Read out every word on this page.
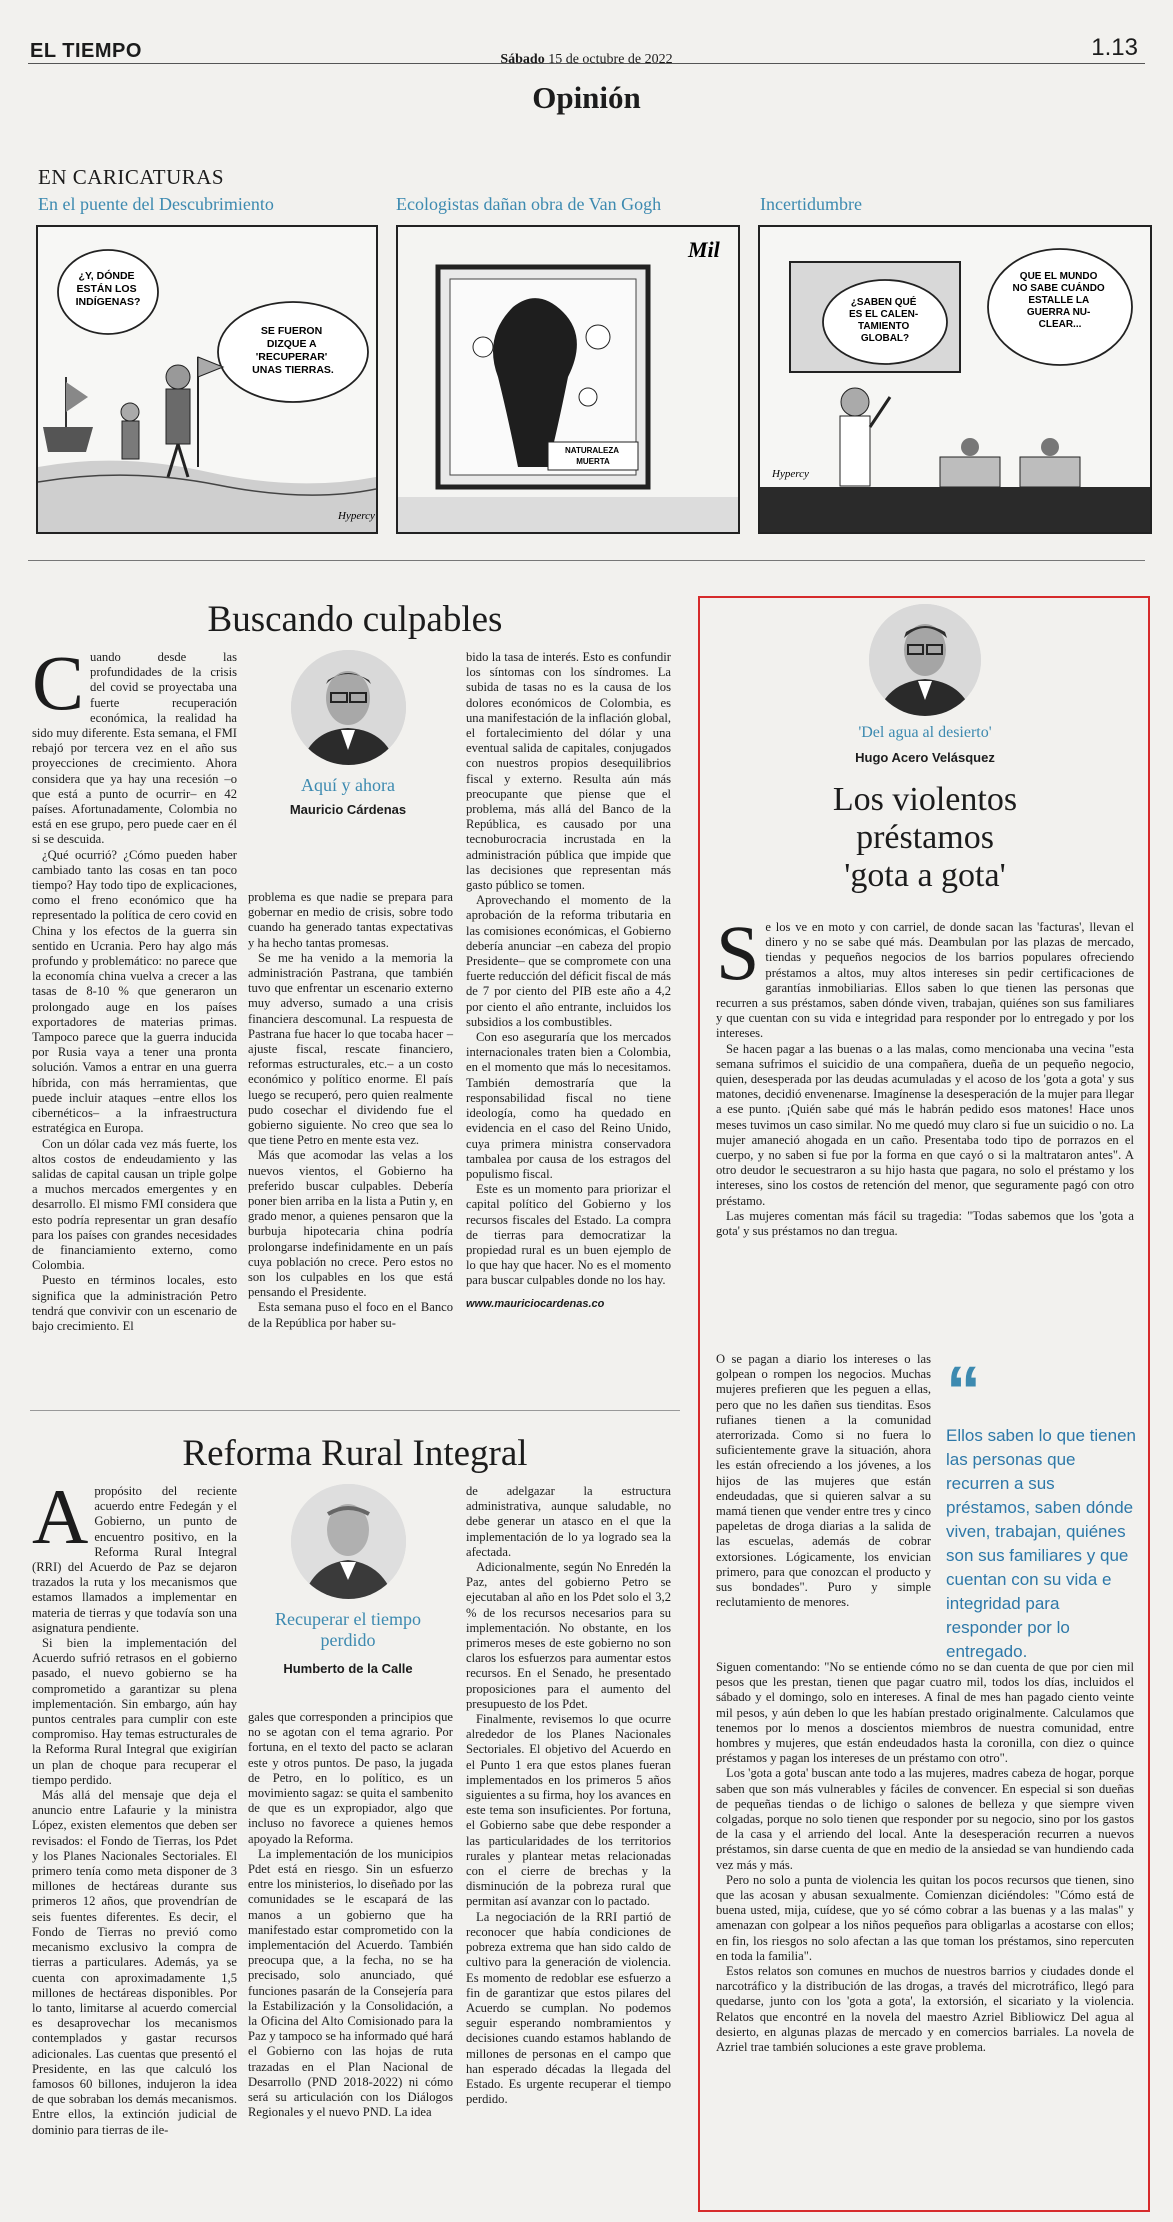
EL TIEMPO	Sábado 15 de octubre de 2022	1.13
Opinión
EN CARICATURAS
En el puente del Descubrimiento	Ecologistas dañan obra de Van Gogh	Incertidumbre
¿Y, DÓNDE ESTÁN LOS INDÍGENAS?
SE FUERON DIZQUE A 'RECUPERAR' UNAS TIERRAS.
Hypercy
NATURALEZA MUERTA
Mil
¿SABEN QUÉ ES EL CALEN- TAMIENTO GLOBAL?
QUE EL MUNDO NO SABE CUÁNDO ESTALLE LA GUERRA NU- CLEAR...
Hypercy
Buscando culpables

Cuando desde las profundidades de la crisis del covid se proyectaba una fuerte recuperación económica, la realidad ha sido muy diferente. Esta semana, el FMI rebajó por tercera vez en el año sus proyecciones de crecimiento. Ahora considera que ya hay una recesión –o que está a punto de ocurrir– en 42 países. Afortunadamente, Colombia no está en ese grupo, pero puede caer en él si se descuida.

¿Qué ocurrió? ¿Cómo pueden haber cambiado tanto las cosas en tan poco tiempo? Hay todo tipo de explicaciones, como el freno económico que ha representado la política de cero covid en China y los efectos de la guerra sin sentido en Ucrania. Pero hay algo más profundo y problemático: no parece que la economía china vuelva a crecer a las tasas de 8-10 % que generaron un prolongado auge en los países exportadores de materias primas. Tampoco parece que la guerra inducida por Rusia vaya a tener una pronta solución. Vamos a entrar en una guerra híbrida, con más herramientas, que puede incluir ataques –entre ellos los cibernéticos– a la infraestructura estratégica en Europa.

Con un dólar cada vez más fuerte, los altos costos de endeudamiento y las salidas de capital causan un triple golpe a muchos mercados emergentes y en desarrollo. El mismo FMI considera que esto podría representar un gran desafío para los países con grandes necesidades de financiamiento externo, como Colombia.

Puesto en términos locales, esto significa que la administración Petro tendrá que convivir con un escenario de bajo crecimiento. El

Aquí y ahora
Mauricio Cárdenas

problema es que nadie se prepara para gobernar en medio de crisis, sobre todo cuando ha generado tantas expectativas y ha hecho tantas promesas.

Se me ha venido a la memoria la administración Pastrana, que también tuvo que enfrentar un escenario externo muy adverso, sumado a una crisis financiera descomunal. La respuesta de Pastrana fue hacer lo que tocaba hacer –ajuste fiscal, rescate financiero, reformas estructurales, etc.– a un costo económico y político enorme. El país luego se recuperó, pero quien realmente pudo cosechar el dividendo fue el gobierno siguiente. No creo que sea lo que tiene Petro en mente esta vez.

Más que acomodar las velas a los nuevos vientos, el Gobierno ha preferido buscar culpables. Debería poner bien arriba en la lista a Putin y, en grado menor, a quienes pensaron que la burbuja hipotecaria china podría prolongarse indefinidamente en un país cuya población no crece. Pero estos no son los culpables en los que está pensando el Presidente.

Esta semana puso el foco en el Banco de la República por haber su-

bido la tasa de interés. Esto es confundir los síntomas con los síndromes. La subida de tasas no es la causa de los dolores económicos de Colombia, es una manifestación de la inflación global, el fortalecimiento del dólar y una eventual salida de capitales, conjugados con nuestros propios desequilibrios fiscal y externo. Resulta aún más preocupante que piense que el problema, más allá del Banco de la República, es causado por una tecnoburocracia incrustada en la administración pública que impide que las decisiones que representan más gasto público se tomen.

Aprovechando el momento de la aprobación de la reforma tributaria en las comisiones económicas, el Gobierno debería anunciar –en cabeza del propio Presidente– que se compromete con una fuerte reducción del déficit fiscal de más de 7 por ciento del PIB este año a 4,2 por ciento el año entrante, incluidos los subsidios a los combustibles.

Con eso aseguraría que los mercados internacionales traten bien a Colombia, en el momento que más lo necesitamos. También demostraría que la responsabilidad fiscal no tiene ideología, como ha quedado en evidencia en el caso del Reino Unido, cuya primera ministra conservadora tambalea por causa de los estragos del populismo fiscal.

Este es un momento para priorizar el capital político del Gobierno y los recursos fiscales del Estado. La compra de tierras para democratizar la propiedad rural es un buen ejemplo de lo que hay que hacer. No es el momento para buscar culpables donde no los hay.

www.mauriciocardenas.co
Reforma Rural Integral

Apropósito del reciente acuerdo entre Fedegán y el Gobierno, un punto de encuentro positivo, en la Reforma Rural Integral (RRI) del Acuerdo de Paz se dejaron trazados la ruta y los mecanismos que estamos llamados a implementar en materia de tierras y que todavía son una asignatura pendiente.

Si bien la implementación del Acuerdo sufrió retrasos en el gobierno pasado, el nuevo gobierno se ha comprometido a garantizar su plena implementación. Sin embargo, aún hay puntos centrales para cumplir con este compromiso. Hay temas estructurales de la Reforma Rural Integral que exigirían un plan de choque para recuperar el tiempo perdido.

Más allá del mensaje que deja el anuncio entre Lafaurie y la ministra López, existen elementos que deben ser revisados: el Fondo de Tierras, los Pdet y los Planes Nacionales Sectoriales. El primero tenía como meta disponer de 3 millones de hectáreas durante sus primeros 12 años, que provendrían de seis fuentes diferentes. Es decir, el Fondo de Tierras no previó como mecanismo exclusivo la compra de tierras a particulares. Además, ya se cuenta con aproximadamente 1,5 millones de hectáreas disponibles. Por lo tanto, limitarse al acuerdo comercial es desaprovechar los mecanismos contemplados y gastar recursos adicionales. Las cuentas que presentó el Presidente, en las que calculó los famosos 60 billones, indujeron la idea de que sobraban los demás mecanismos. Entre ellos, la extinción judicial de dominio para tierras de ile-

Recuperar el tiempo perdido
Humberto de la Calle

gales que corresponden a principios que no se agotan con el tema agrario. Por fortuna, en el texto del pacto se aclaran este y otros puntos. De paso, la jugada de Petro, en lo político, es un movimiento sagaz: se quita el sambenito de que es un expropiador, algo que incluso no favorece a quienes hemos apoyado la Reforma.

La implementación de los municipios Pdet está en riesgo. Sin un esfuerzo entre los ministerios, lo diseñado por las comunidades se le escapará de las manos a un gobierno que ha manifestado estar comprometido con la implementación del Acuerdo. También preocupa que, a la fecha, no se ha precisado, solo anunciado, qué funciones pasarán de la Consejería para la Estabilización y la Consolidación, a la Oficina del Alto Comisionado para la Paz y tampoco se ha informado qué hará el Gobierno con las hojas de ruta trazadas en el Plan Nacional de Desarrollo (PND 2018-2022) ni cómo será su articulación con los Diálogos Regionales y el nuevo PND. La idea

de adelgazar la estructura administrativa, aunque saludable, no debe generar un atasco en el que la implementación de lo ya logrado sea la afectada.

Adicionalmente, según No Enredén la Paz, antes del gobierno Petro se ejecutaban al año en los Pdet solo el 3,2 % de los recursos necesarios para su implementación. No obstante, en los primeros meses de este gobierno no son claros los esfuerzos para aumentar estos recursos. En el Senado, he presentado proposiciones para el aumento del presupuesto de los Pdet.

Finalmente, revisemos lo que ocurre alrededor de los Planes Nacionales Sectoriales. El objetivo del Acuerdo en el Punto 1 era que estos planes fueran implementados en los primeros 5 años siguientes a su firma, hoy los avances en este tema son insuficientes. Por fortuna, el Gobierno sabe que debe responder a las particularidades de los territorios rurales y plantear metas relacionadas con el cierre de brechas y la disminución de la pobreza rural que permitan así avanzar con lo pactado.

La negociación de la RRI partió de reconocer que había condiciones de pobreza extrema que han sido caldo de cultivo para la generación de violencia. Es momento de redoblar ese esfuerzo a fin de garantizar que estos pilares del Acuerdo se cumplan. No podemos seguir esperando nombramientos y decisiones cuando estamos hablando de millones de personas en el campo que han esperado décadas la llegada del Estado. Es urgente recuperar el tiempo perdido.

'Del agua al desierto'
Hugo Acero Velásquez
Los violentos
préstamos
'gota a gota'

Se los ve en moto y con carriel, de donde sacan las 'facturas', llevan el dinero y no se sabe qué más. Deambulan por las plazas de mercado, tiendas y pequeños negocios de los barrios populares ofreciendo préstamos a altos, muy altos intereses sin pedir certificaciones de garantías inmobiliarias. Ellos saben lo que tienen las personas que recurren a sus préstamos, saben dónde viven, trabajan, quiénes son sus familiares y que cuentan con su vida e integridad para responder por lo entregado y por los intereses.

Se hacen pagar a las buenas o a las malas, como mencionaba una vecina "esta semana sufrimos el suicidio de una compañera, dueña de un pequeño negocio, quien, desesperada por las deudas acumuladas y el acoso de los 'gota a gota' y sus matones, decidió envenenarse. Imagínense la desesperación de la mujer para llegar a ese punto. ¡Quién sabe qué más le habrán pedido esos matones! Hace unos meses tuvimos un caso similar. No me quedó muy claro si fue un suicidio o no. La mujer amaneció ahogada en un caño. Presentaba todo tipo de porrazos en el cuerpo, y no saben si fue por la forma en que cayó o si la maltrataron antes". A otro deudor le secuestraron a su hijo hasta que pagara, no solo el préstamo y los intereses, sino los costos de retención del menor, que seguramente pagó con otro préstamo.

Las mujeres comentan más fácil su tragedia: "Todas sabemos que los 'gota a gota' y sus préstamos no dan tregua.

O se pagan a diario los intereses o las golpean o rompen los negocios. Muchas mujeres prefieren que les peguen a ellas, pero que no les dañen sus tienditas. Esos rufianes tienen a la comunidad aterrorizada. Como si no fuera lo suficientemente grave la situación, ahora les están ofreciendo a los jóvenes, a los hijos de las mujeres que están endeudadas, que si quieren salvar a su mamá tienen que vender entre tres y cinco papeletas de droga diarias a la salida de las escuelas, además de cobrar extorsiones. Lógicamente, los envician primero, para que conozcan el producto y sus bondades". Puro y simple reclutamiento de menores.

“
Ellos saben lo que tienen las personas que recurren a sus préstamos, saben dónde viven, trabajan, quiénes son sus familiares y que cuentan con su vida e integridad para responder por lo entregado.

Siguen comentando: "No se entiende cómo no se dan cuenta de que por cien mil pesos que les prestan, tienen que pagar cuatro mil, todos los días, incluidos el sábado y el domingo, solo en intereses. A final de mes han pagado ciento veinte mil pesos, y aún deben lo que les habían prestado originalmente. Calculamos que tenemos por lo menos a doscientos miembros de nuestra comunidad, entre hombres y mujeres, que están endeudados hasta la coronilla, con diez o quince préstamos y pagan los intereses de un préstamo con otro".

Los 'gota a gota' buscan ante todo a las mujeres, madres cabeza de hogar, porque saben que son más vulnerables y fáciles de convencer. En especial si son dueñas de pequeñas tiendas o de lichigo o salones de belleza y que siempre viven colgadas, porque no solo tienen que responder por su negocio, sino por los gastos de la casa y el arriendo del local. Ante la desesperación recurren a nuevos préstamos, sin darse cuenta de que en medio de la ansiedad se van hundiendo cada vez más y más.

Pero no solo a punta de violencia les quitan los pocos recursos que tienen, sino que las acosan y abusan sexualmente. Comienzan diciéndoles: "Cómo está de buena usted, mija, cuídese, que yo sé cómo cobrar a las buenas y a las malas" y amenazan con golpear a los niños pequeños para obligarlas a acostarse con ellos; en fin, los riesgos no solo afectan a las que toman los préstamos, sino repercuten en toda la familia".

Estos relatos son comunes en muchos de nuestros barrios y ciudades donde el narcotráfico y la distribución de las drogas, a través del microtráfico, llegó para quedarse, junto con los 'gota a gota', la extorsión, el sicariato y la violencia. Relatos que encontré en la novela del maestro Azriel Bibliowicz Del agua al desierto, en algunas plazas de mercado y en comercios barriales. La novela de Azriel trae también soluciones a este grave problema.
